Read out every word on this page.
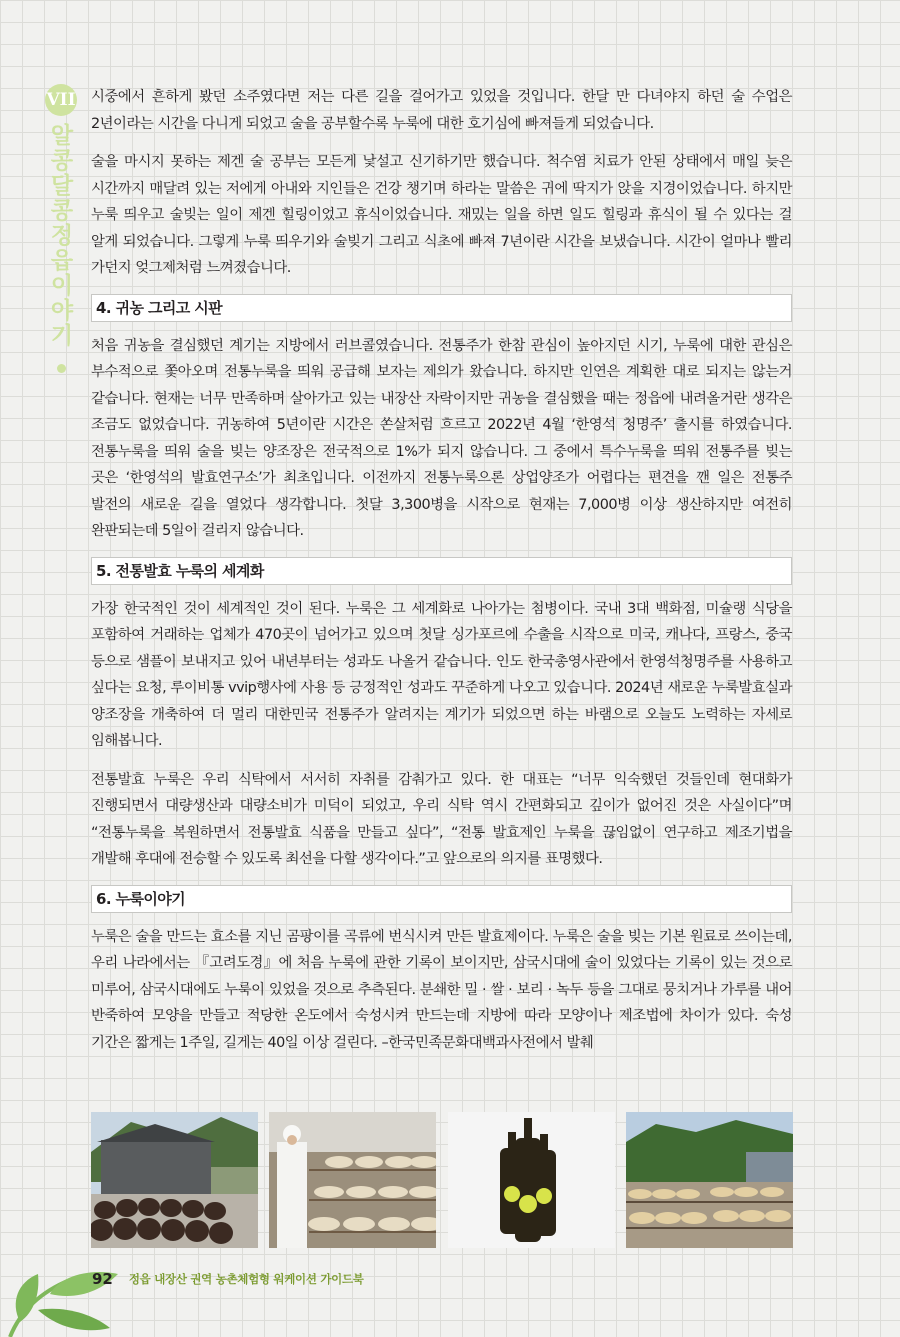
VII
알콩달콩 정읍 이야기

시중에서 흔하게 봤던 소주였다면 저는 다른 길을 걸어가고 있었을 것입니다. 한달 만 다녀야지 하던 술 수업은 2년이라는 시간을 다니게 되었고 술을 공부할수록 누룩에 대한 호기심에 빠져들게 되었습니다.

술을 마시지 못하는 제겐 술 공부는 모든게 낯설고 신기하기만 했습니다. 척수염 치료가 안된 상태에서 매일 늦은 시간까지 매달려 있는 저에게 아내와 지인들은 건강 챙기며 하라는 말씀은 귀에 딱지가 앉을 지경이었습니다. 하지만 누룩 띄우고 술빚는 일이 제겐 힐링이었고 휴식이었습니다. 재밌는 일을 하면 일도 힐링과 휴식이 될 수 있다는 걸 알게 되었습니다. 그렇게 누룩 띄우기와 술빚기 그리고 식초에 빠져 7년이란 시간을 보냈습니다. 시간이 얼마나 빨리 가던지 엊그제처럼 느껴졌습니다.

4. 귀농 그리고 시판

처음 귀농을 결심했던 계기는 지방에서 러브콜였습니다. 전통주가 한참 관심이 높아지던 시기, 누룩에 대한 관심은 부수적으로 쫓아오며 전통누룩을 띄워 공급해 보자는 제의가 왔습니다. 하지만 인연은 계획한 대로 되지는 않는거 같습니다. 현재는 너무 만족하며 살아가고 있는 내장산 자락이지만 귀농을 결심했을 때는 정읍에 내려올거란 생각은 조금도 없었습니다. 귀농하여 5년이란 시간은 쏜살처럼 흐르고 2022년 4월 ‘한영석 청명주’ 출시를 하였습니다. 전통누룩을 띄워 술을 빚는 양조장은 전국적으로 1%가 되지 않습니다. 그 중에서 특수누룩을 띄워 전통주를 빚는 곳은 ‘한영석의 발효연구소’가 최초입니다. 이전까지 전통누룩으론 상업양조가 어렵다는 편견을 깬 일은 전통주 발전의 새로운 길을 열었다 생각합니다. 첫달 3,300병을 시작으로 현재는 7,000병 이상 생산하지만 여전히 완판되는데 5일이 걸리지 않습니다.

5. 전통발효 누룩의 세계화

가장 한국적인 것이 세계적인 것이 된다. 누룩은 그 세계화로 나아가는 첨병이다. 국내 3대 백화점, 미슐랭 식당을 포함하여 거래하는 업체가 470곳이 넘어가고 있으며 첫달 싱가포르에 수출을 시작으로 미국, 캐나다, 프랑스, 중국 등으로 샘플이 보내지고 있어 내년부터는 성과도 나올거 같습니다. 인도 한국총영사관에서 한영석청명주를 사용하고 싶다는 요청, 루이비통 vvip행사에 사용 등 긍정적인 성과도 꾸준하게 나오고 있습니다. 2024년 새로운 누룩발효실과 양조장을 개축하여 더 멀리 대한민국 전통주가 알려지는 계기가 되었으면 하는 바램으로 오늘도 노력하는 자세로 임해봅니다.

전통발효 누룩은 우리 식탁에서 서서히 자취를 감춰가고 있다. 한 대표는 “너무 익숙했던 것들인데 현대화가 진행되면서 대량생산과 대량소비가 미덕이 되었고, 우리 식탁 역시 간편화되고 깊이가 없어진 것은 사실이다”며 “전통누룩을 복원하면서 전통발효 식품을 만들고 싶다”, “전통 발효제인 누룩을 끊임없이 연구하고 제조기법을 개발해 후대에 전승할 수 있도록 최선을 다할 생각이다.”고 앞으로의 의지를 표명했다.

6. 누룩이야기

누룩은 술을 만드는 효소를 지닌 곰팡이를 곡류에 번식시켜 만든 발효제이다. 누룩은 술을 빚는 기본 원료로 쓰이는데, 우리 나라에서는 『고려도경』에 처음 누룩에 관한 기록이 보이지만, 삼국시대에 술이 있었다는 기록이 있는 것으로 미루어, 삼국시대에도 누룩이 있었을 것으로 추측된다. 분쇄한 밀 · 쌀 · 보리 · 녹두 등을 그대로 뭉치거나 가루를 내어 반죽하여 모양을 만들고 적당한 온도에서 숙성시켜 만드는데 지방에 따라 모양이나 제조법에 차이가 있다. 숙성 기간은 짧게는 1주일, 길게는 40일 이상 걸린다. –한국민족문화대백과사전에서 발췌

92 정읍 내장산 권역 농촌체험형 워케이션 가이드북
